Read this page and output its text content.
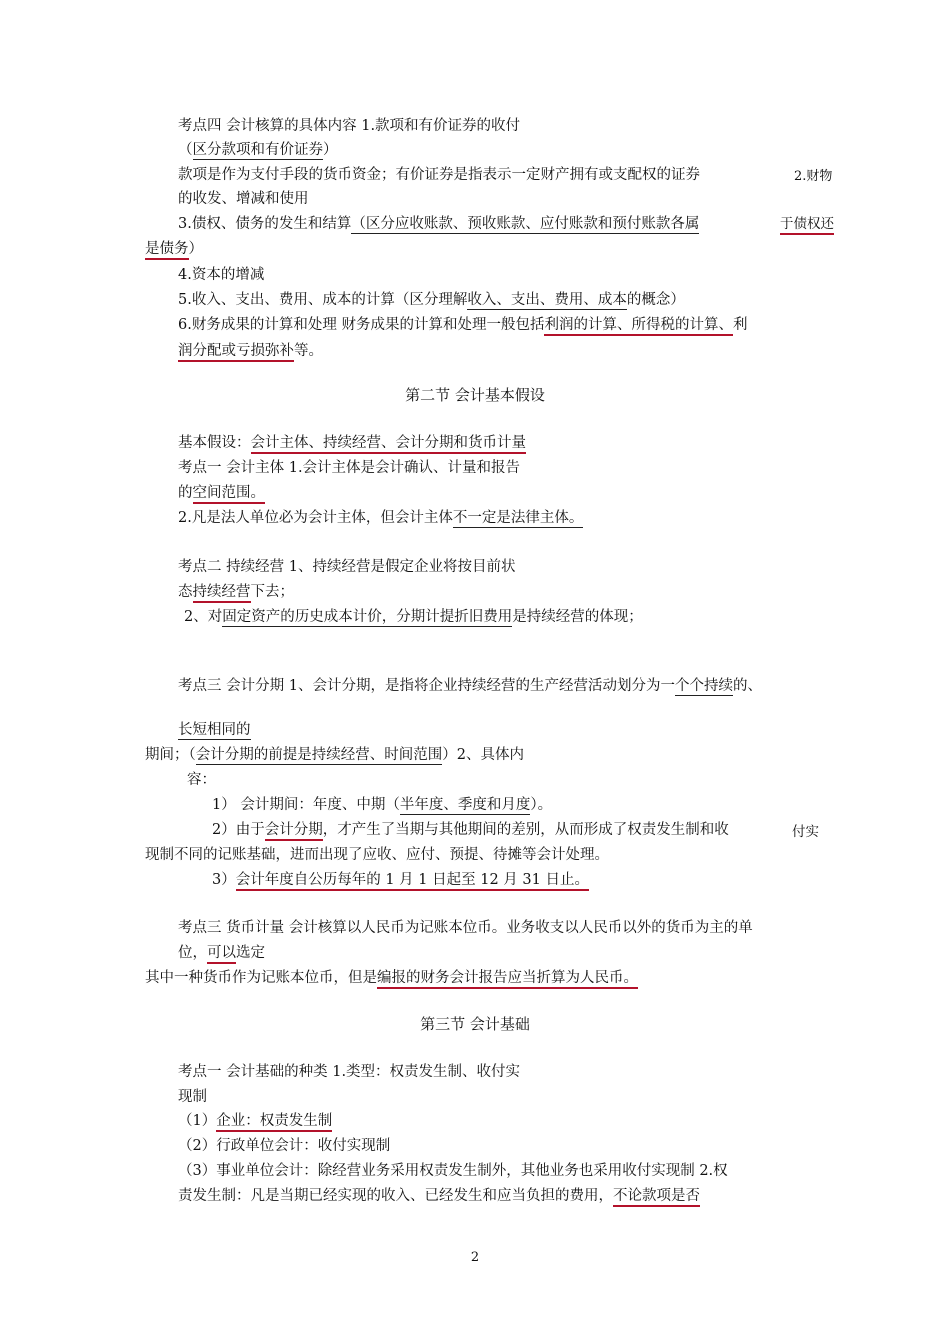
考点四 会计核算的具体内容 1.款项和有价证券的收付
（区分款项和有价证券）
款项是作为支付手段的货币资金；有价证券是指表示一定财产拥有或支配权的证券	2.财物
的收发、增减和使用
3.债权、债务的发生和结算（区分应收账款、预收账款、应付账款和预付账款各属	于债权还
是债务）
4.资本的增减
5.收入、支出、费用、成本的计算（区分理解收入、支出、费用、成本的概念）
6.财务成果的计算和处理 财务成果的计算和处理一般包括利润的计算、所得税的计算、利
润分配或亏损弥补等。
第二节 会计基本假设
基本假设：会计主体、持续经营、会计分期和货币计量
考点一 会计主体 1.会计主体是会计确认、计量和报告
的空间范围。
2.凡是法人单位必为会计主体，但会计主体不一定是法律主体。
考点二 持续经营 1、持续经营是假定企业将按目前状
态持续经营下去；
2、对固定资产的历史成本计价，分期计提折旧费用是持续经营的体现；
考点三 会计分期 1、会计分期，是指将企业持续经营的生产经营活动划分为一个个持续的、
长短相同的
期间；（会计分期的前提是持续经营、时间范围）2、具体内
容：
1） 会计期间：年度、中期（半年度、季度和月度）。
2）由于会计分期，才产生了当期与其他期间的差别，从而形成了权责发生制和收	付实
现制不同的记账基础，进而出现了应收、应付、预提、待摊等会计处理。
3）会计年度自公历每年的 1 月 1 日起至 12 月 31 日止。
考点三 货币计量 会计核算以人民币为记账本位币。业务收支以人民币以外的货币为主的单
位，可以选定
其中一种货币作为记账本位币，但是编报的财务会计报告应当折算为人民币。
第三节 会计基础
考点一 会计基础的种类 1.类型：权责发生制、收付实
现制
（1）企业：权责发生制
（2）行政单位会计：收付实现制
（3）事业单位会计：除经营业务采用权责发生制外，其他业务也采用收付实现制 2.权
责发生制：凡是当期已经实现的收入、已经发生和应当负担的费用，不论款项是否
2
